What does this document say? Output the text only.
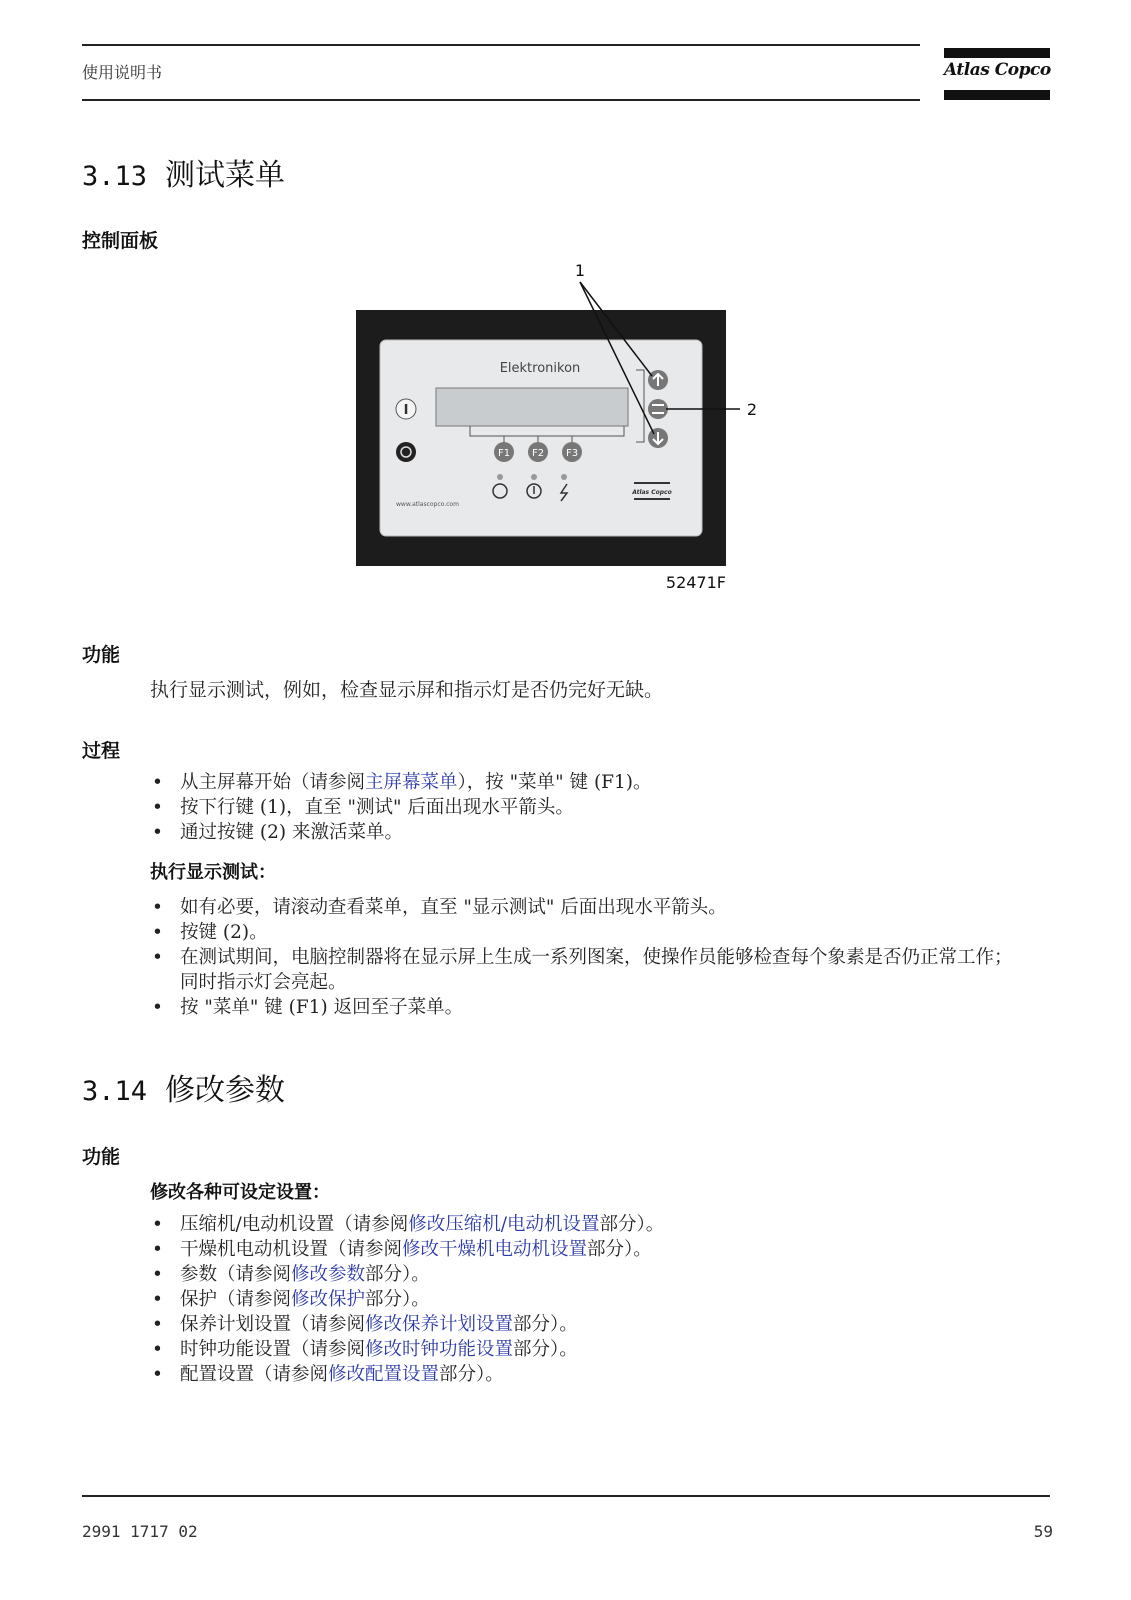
使用说明书	Atlas Copco
3.13 测试菜单
控制面板
Elektronikon
I
F1 F2 F3
www.atlascopco.com
Atlas Copco
1
2
52471F
功能
执行显示测试，例如，检查显示屏和指示灯是否仍完好无缺。
过程
• 从主屏幕开始（请参阅主屏幕菜单），按 "菜单" 键 (F1)。
• 按下行键 (1)，直至 "测试" 后面出现水平箭头。
• 通过按键 (2) 来激活菜单。
执行显示测试：
• 如有必要，请滚动查看菜单，直至 "显示测试" 后面出现水平箭头。
• 按键 (2)。
• 在测试期间，电脑控制器将在显示屏上生成一系列图案，使操作员能够检查每个象素是否仍正常工作；同时指示灯会亮起。
• 按 "菜单" 键 (F1) 返回至子菜单。
3.14 修改参数
功能
修改各种可设定设置：
• 压缩机/电动机设置（请参阅修改压缩机/电动机设置部分）。
• 干燥机电动机设置（请参阅修改干燥机电动机设置部分）。
• 参数（请参阅修改参数部分）。
• 保护（请参阅修改保护部分）。
• 保养计划设置（请参阅修改保养计划设置部分）。
• 时钟功能设置（请参阅修改时钟功能设置部分）。
• 配置设置（请参阅修改配置设置部分）。
2991 1717 02	59
